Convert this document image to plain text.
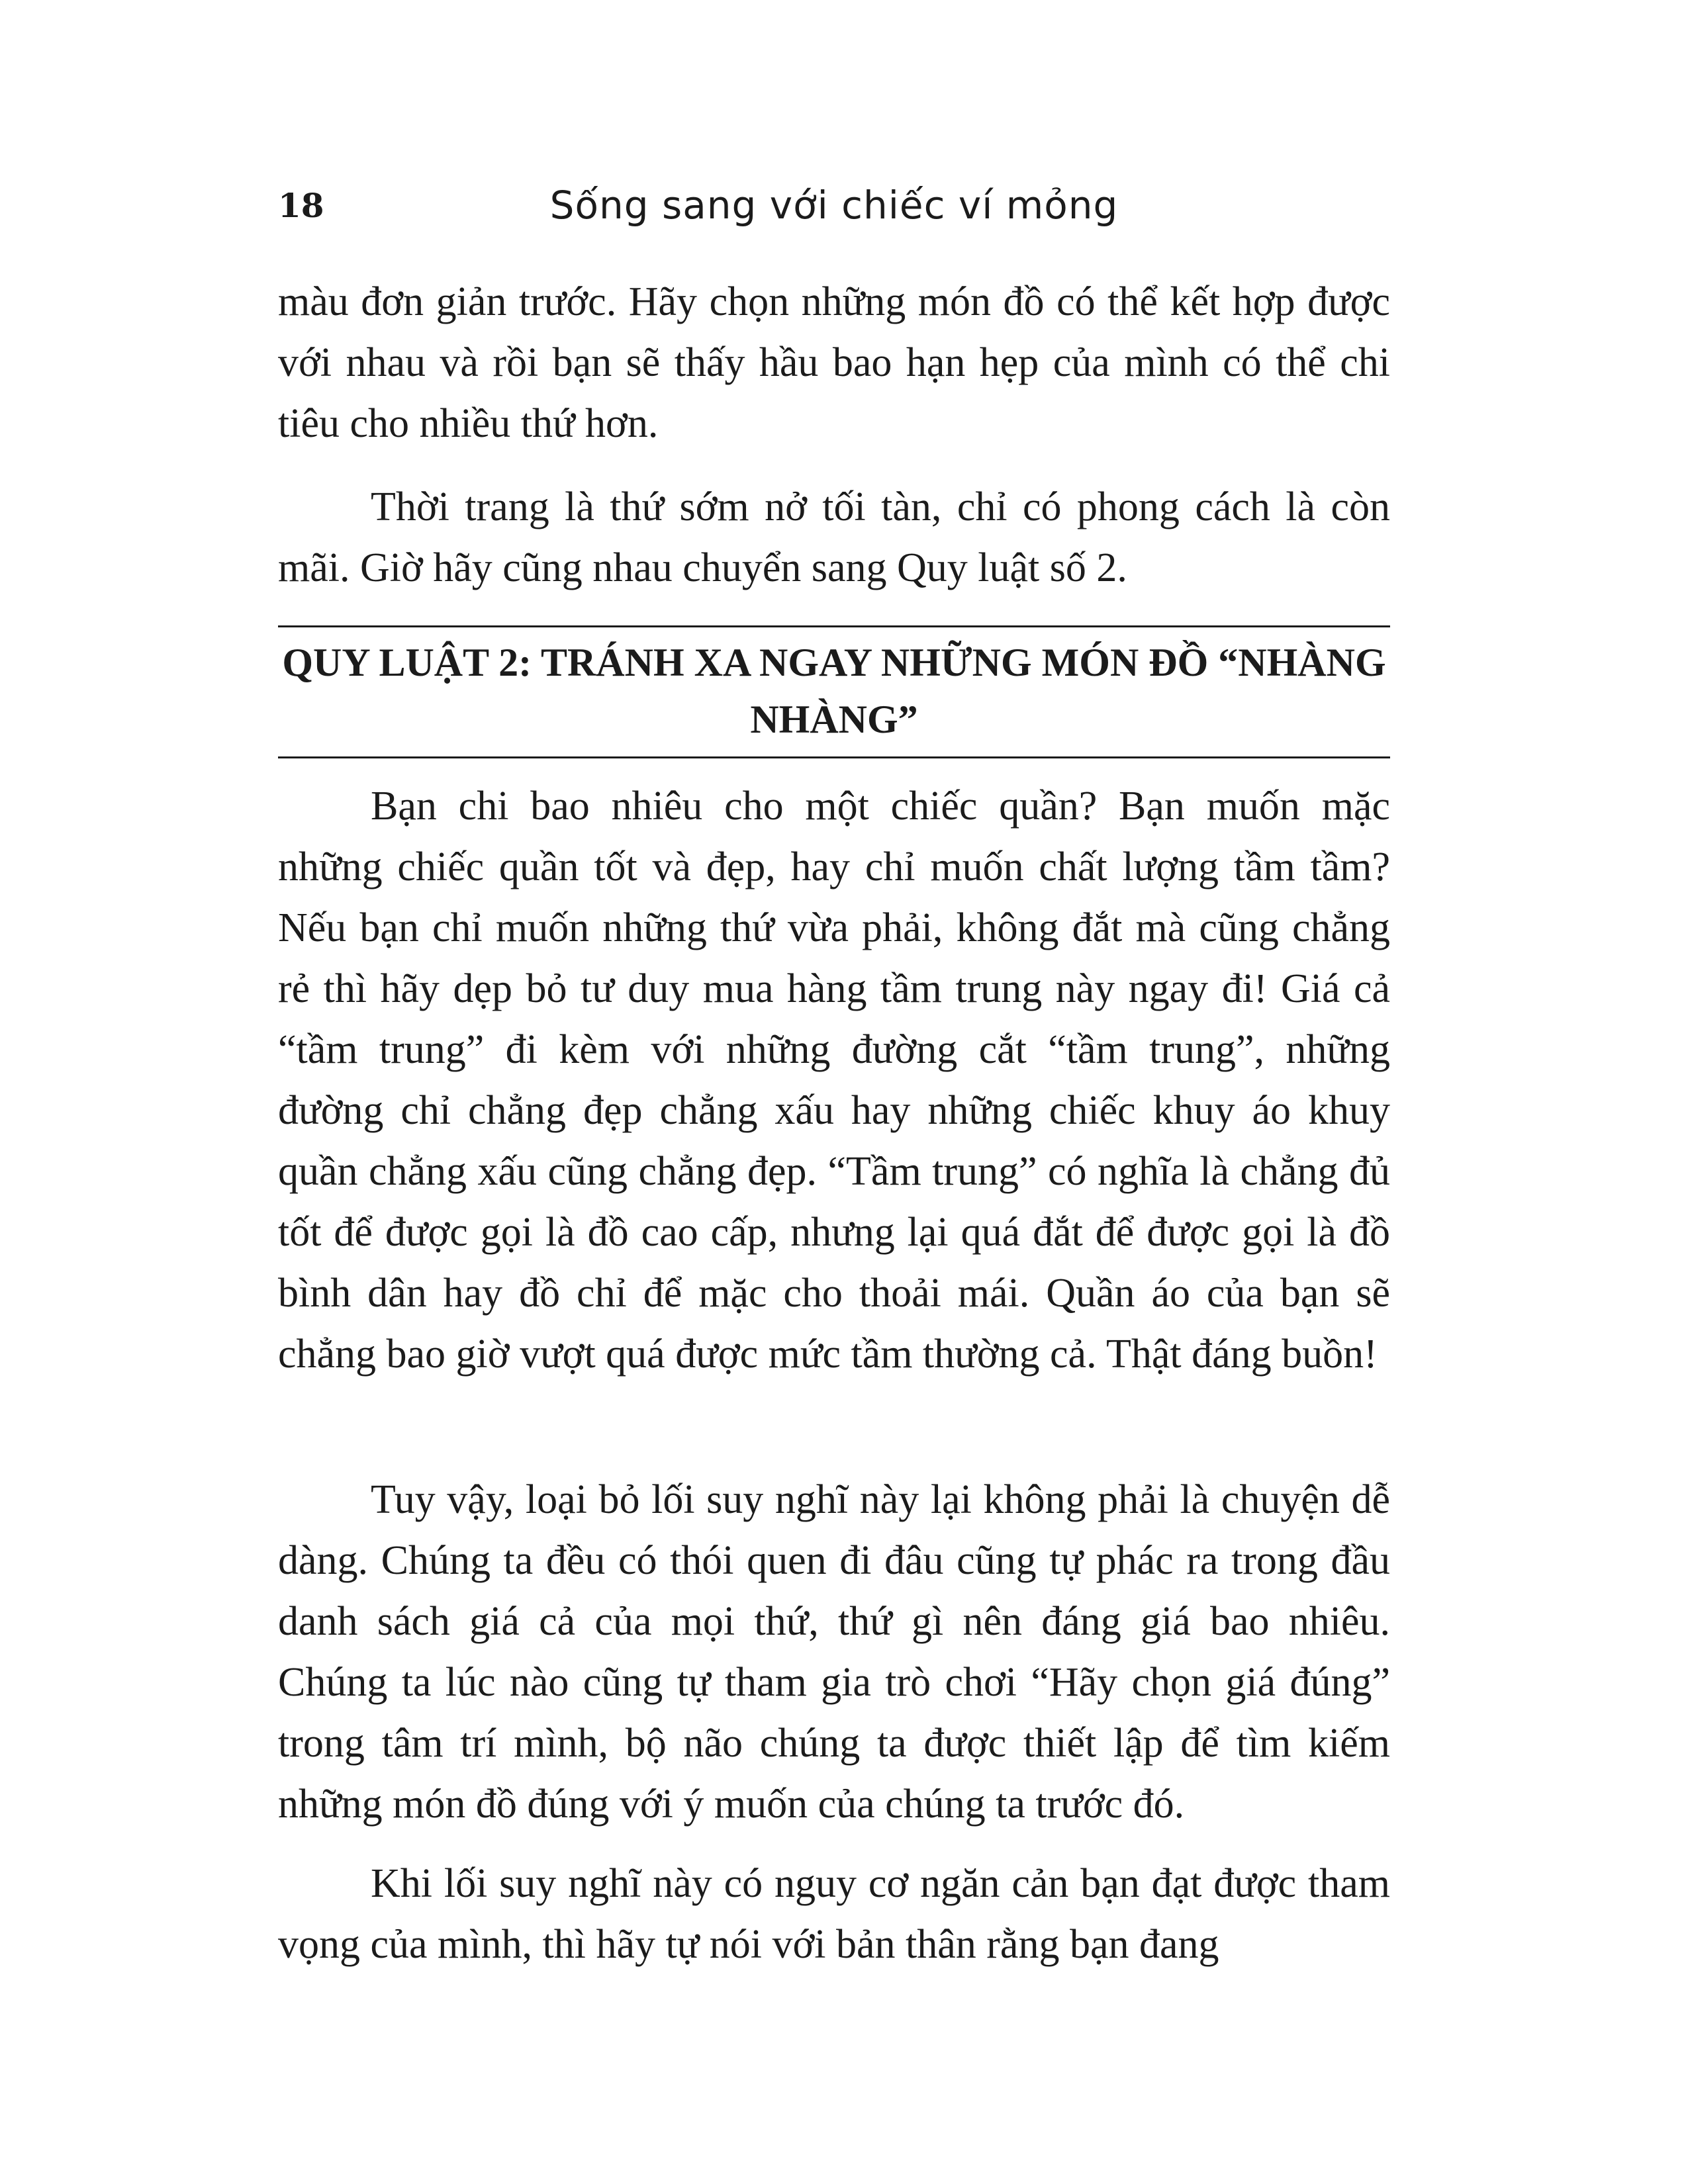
18	Sống sang với chiếc ví mỏng

màu đơn giản trước. Hãy chọn những món đồ có thể kết hợp được với nhau và rồi bạn sẽ thấy hầu bao hạn hẹp của mình có thể chi tiêu cho nhiều thứ hơn.

Thời trang là thứ sớm nở tối tàn, chỉ có phong cách là còn mãi. Giờ hãy cũng nhau chuyển sang Quy luật số 2.

QUY LUẬT 2: TRÁNH XA NGAY NHỮNG MÓN ĐỒ “NHÀNG NHÀNG”

Bạn chi bao nhiêu cho một chiếc quần? Bạn muốn mặc những chiếc quần tốt và đẹp, hay chỉ muốn chất lượng tầm tầm? Nếu bạn chỉ muốn những thứ vừa phải, không đắt mà cũng chẳng rẻ thì hãy dẹp bỏ tư duy mua hàng tầm trung này ngay đi! Giá cả “tầm trung” đi kèm với những đường cắt “tầm trung”, những đường chỉ chẳng đẹp chẳng xấu hay những chiếc khuy áo khuy quần chẳng xấu cũng chẳng đẹp. “Tầm trung” có nghĩa là chẳng đủ tốt để được gọi là đồ cao cấp, nhưng lại quá đắt để được gọi là đồ bình dân hay đồ chỉ để mặc cho thoải mái. Quần áo của bạn sẽ chẳng bao giờ vượt quá được mức tầm thường cả. Thật đáng buồn!

Tuy vậy, loại bỏ lối suy nghĩ này lại không phải là chuyện dễ dàng. Chúng ta đều có thói quen đi đâu cũng tự phác ra trong đầu danh sách giá cả của mọi thứ, thứ gì nên đáng giá bao nhiêu. Chúng ta lúc nào cũng tự tham gia trò chơi “Hãy chọn giá đúng” trong tâm trí mình, bộ não chúng ta được thiết lập để tìm kiếm những món đồ đúng với ý muốn của chúng ta trước đó.

Khi lối suy nghĩ này có nguy cơ ngăn cản bạn đạt được tham vọng của mình, thì hãy tự nói với bản thân rằng bạn đang
